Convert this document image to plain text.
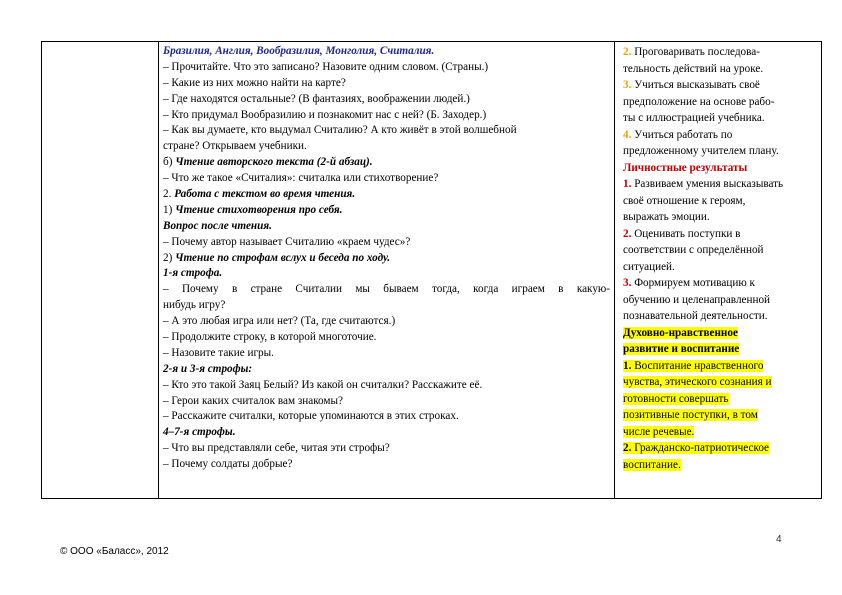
Бразилия, Англия, Вообразилия, Монголия, Считалия.
– Прочитайте. Что это записано? Назовите одним словом. (Страны.)
– Какие из них можно найти на карте?
– Где находятся остальные? (В фантазиях, воображении людей.)
– Кто придумал Вообразилию и познакомит нас с ней? (Б. Заходер.)
– Как вы думаете, кто выдумал Считалию? А кто живёт в этой волшебной
стране? Открываем учебники.
б) Чтение авторского текста (2-й абзац).
– Что же такое «Считалия»: считалка или стихотворение?
2. Работа с текстом во время чтения.
1) Чтение стихотворения про себя.
Вопрос после чтения.
– Почему автор называет Считалию «краем чудес»?
2) Чтение по строфам вслух и беседа по ходу.
1-я строфа.
– Почему в стране Считалии мы бываем тогда, когда играем в какую-
нибудь игру?
– А это любая игра или нет? (Та, где считаются.)
– Продолжите строку, в которой многоточие.
– Назовите такие игры.
2-я и 3-я строфы:
– Кто это такой Заяц Белый? Из какой он считалки? Расскажите её.
– Герои каких считалок вам знакомы?
– Расскажите считалки, которые упоминаются в этих строках.
4–7-я строфы.
– Что вы представляли себе, читая эти строфы?
– Почему солдаты добрые?
2. Проговаривать последова-
тельность действий на уроке.
3. Учиться высказывать своё
предположение на основе рабо-
ты с иллюстрацией учебника.
4. Учиться работать по
предложенному учителем плану.
Личностные результаты
1. Развиваем умения высказывать
своё отношение к героям,
выражать эмоции.
2. Оценивать поступки в
соответствии с определённой
ситуацией.
3. Формируем мотивацию к
обучению и целенаправленной
познавательной деятельности.
Духовно-нравственное
развитие и воспитание
1. Воспитание нравственного
чувства, этического сознания и
готовности совершать
позитивные поступки, в том
числе речевые.
2. Гражданско-патриотическое
воспитание.
4
© ООО «Баласс», 2012
